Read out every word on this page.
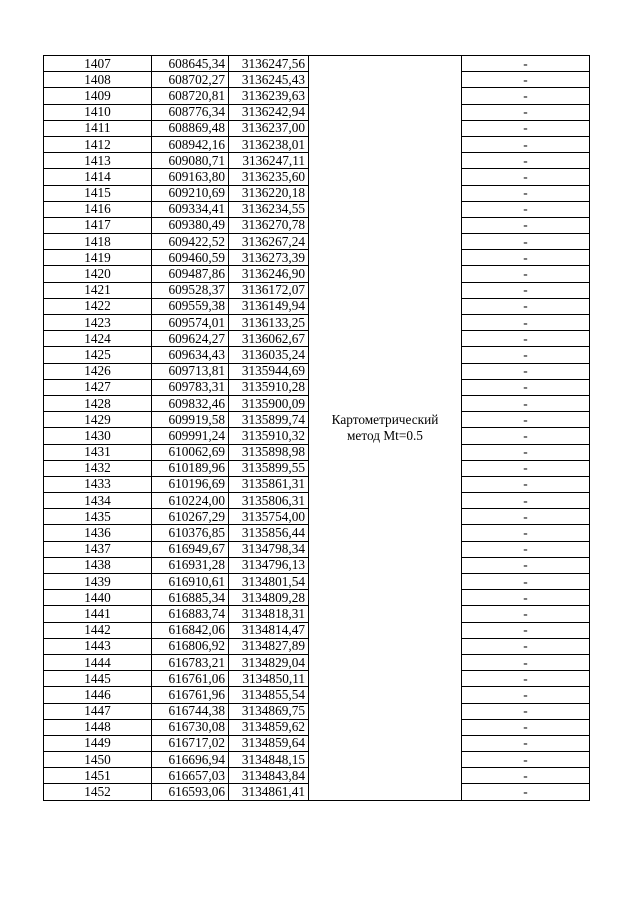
1407	608645,34	3136247,56	Картометрический метод Mt=0.5	-
1408	608702,27	3136245,43		-
1409	608720,81	3136239,63		-
1410	608776,34	3136242,94		-
1411	608869,48	3136237,00		-
1412	608942,16	3136238,01		-
1413	609080,71	3136247,11		-
1414	609163,80	3136235,60		-
1415	609210,69	3136220,18		-
1416	609334,41	3136234,55		-
1417	609380,49	3136270,78		-
1418	609422,52	3136267,24		-
1419	609460,59	3136273,39		-
1420	609487,86	3136246,90		-
1421	609528,37	3136172,07		-
1422	609559,38	3136149,94		-
1423	609574,01	3136133,25		-
1424	609624,27	3136062,67		-
1425	609634,43	3136035,24		-
1426	609713,81	3135944,69		-
1427	609783,31	3135910,28		-
1428	609832,46	3135900,09		-
1429	609919,58	3135899,74		-
1430	609991,24	3135910,32		-
1431	610062,69	3135898,98		-
1432	610189,96	3135899,55		-
1433	610196,69	3135861,31		-
1434	610224,00	3135806,31		-
1435	610267,29	3135754,00		-
1436	610376,85	3135856,44		-
1437	616949,67	3134798,34		-
1438	616931,28	3134796,13		-
1439	616910,61	3134801,54		-
1440	616885,34	3134809,28		-
1441	616883,74	3134818,31		-
1442	616842,06	3134814,47		-
1443	616806,92	3134827,89		-
1444	616783,21	3134829,04		-
1445	616761,06	3134850,11		-
1446	616761,96	3134855,54		-
1447	616744,38	3134869,75		-
1448	616730,08	3134859,62		-
1449	616717,02	3134859,64		-
1450	616696,94	3134848,15		-
1451	616657,03	3134843,84		-
1452	616593,06	3134861,41		-
